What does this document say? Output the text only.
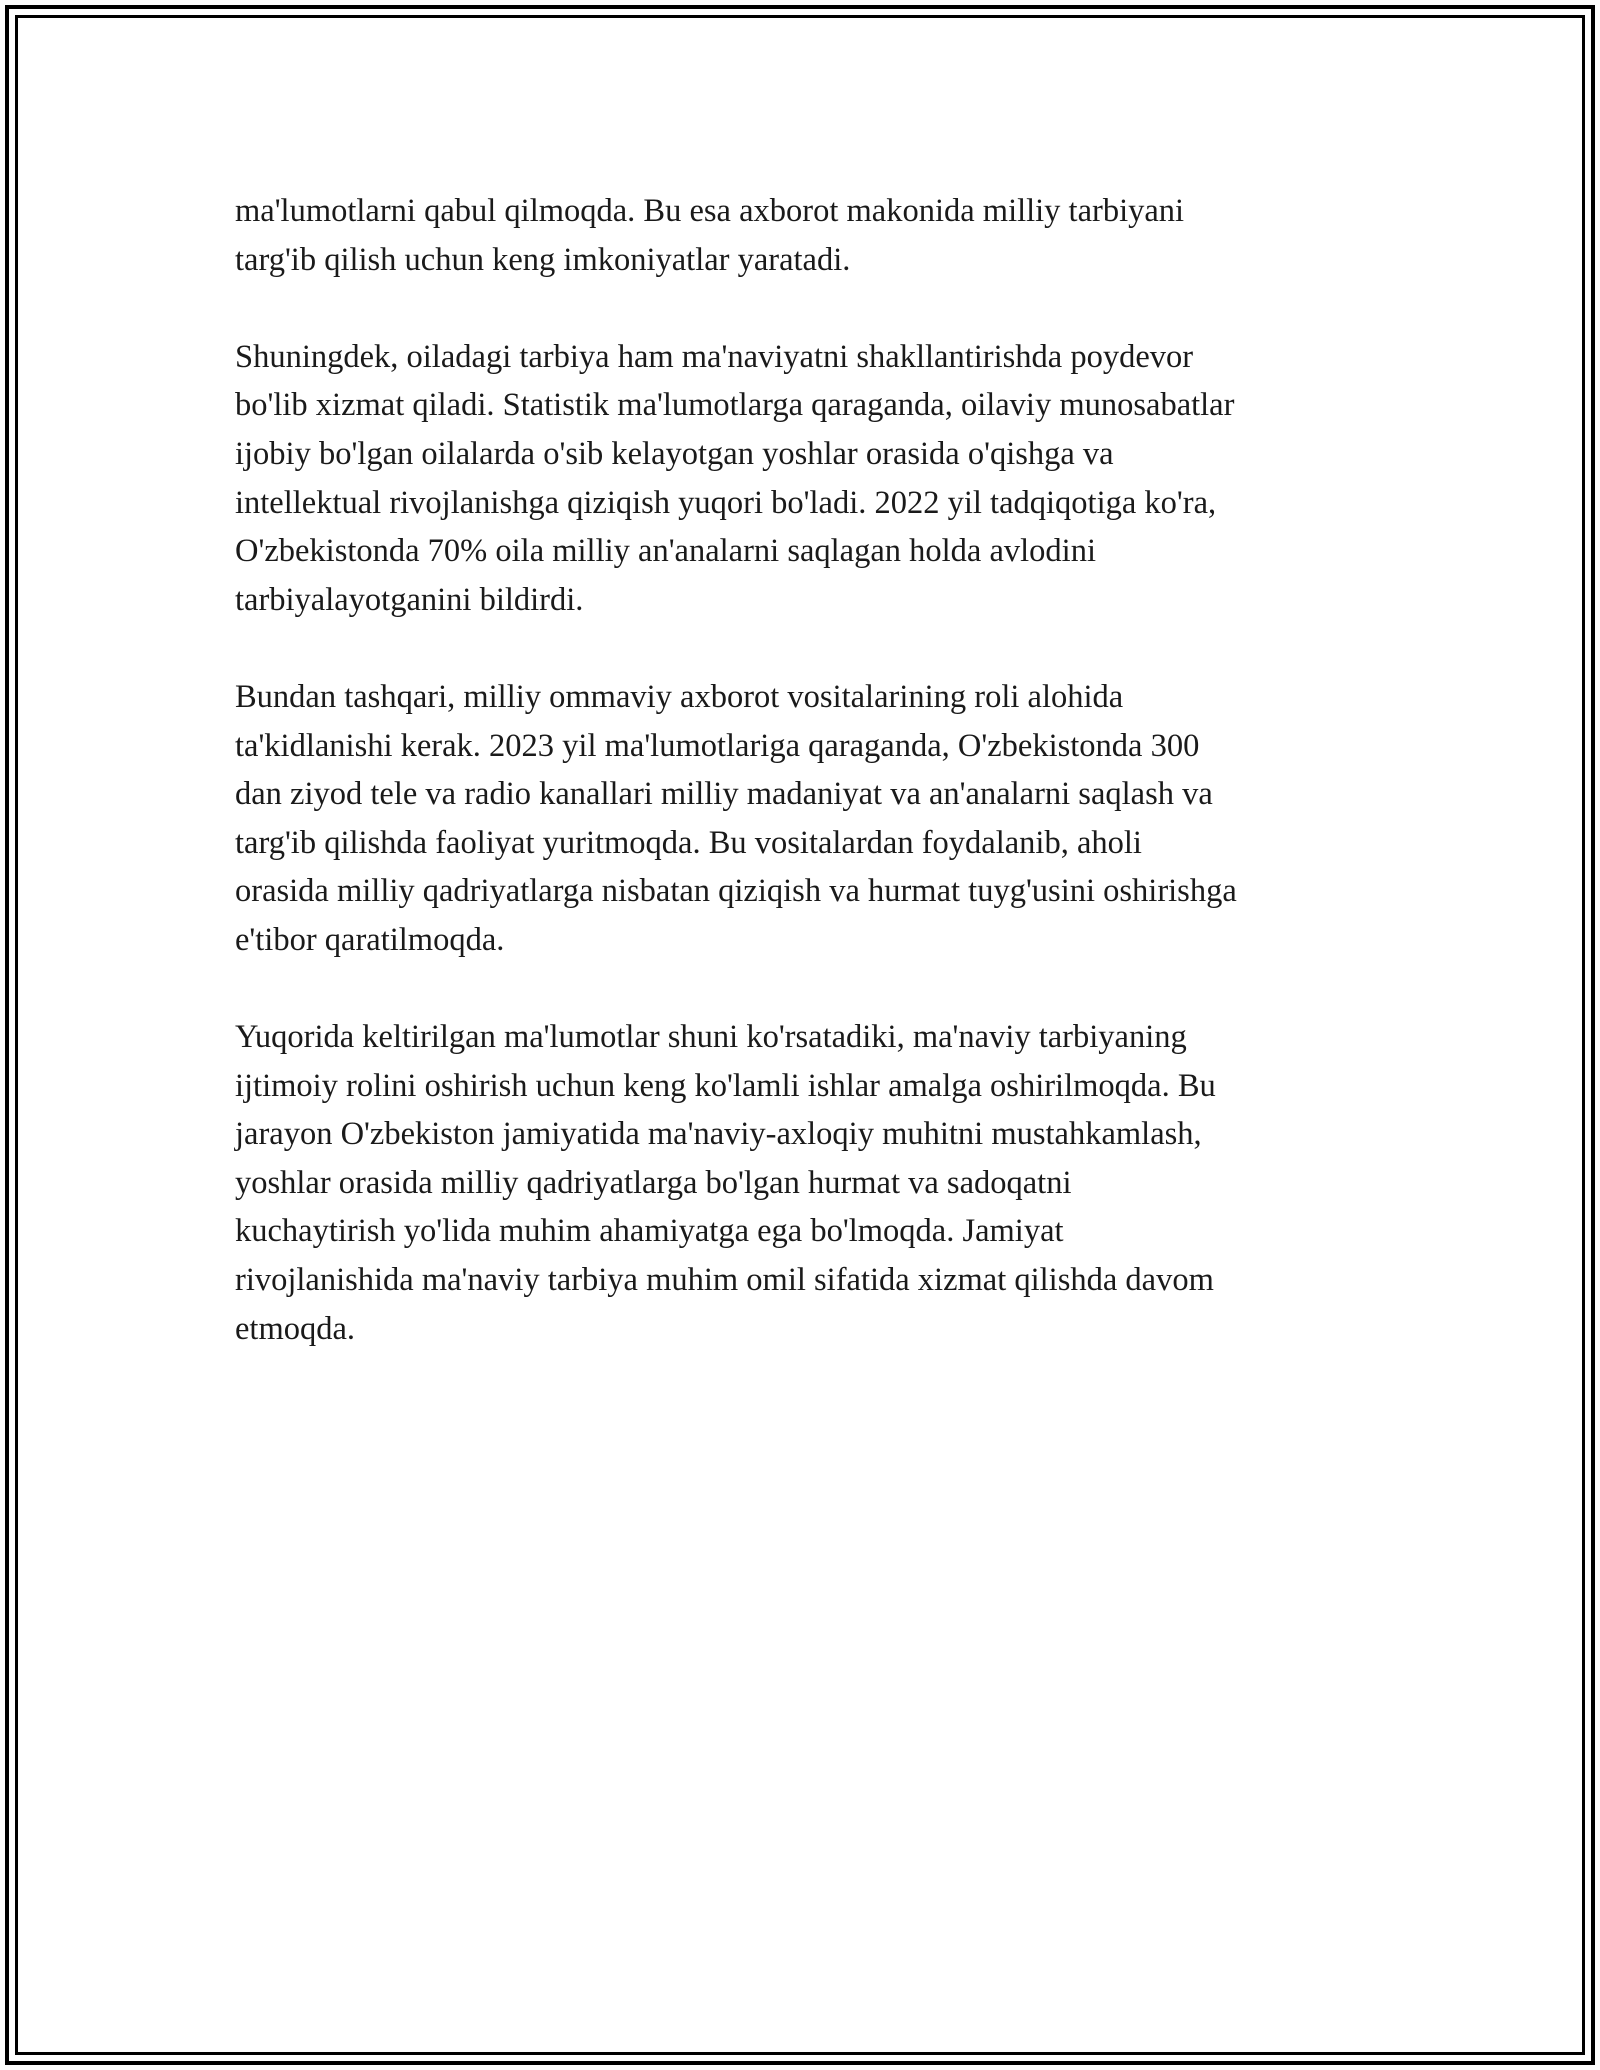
ma'lumotlarni qabul qilmoqda. Bu esa axborot makonida milliy tarbiyani
targ'ib qilish uchun keng imkoniyatlar yaratadi.

Shuningdek, oiladagi tarbiya ham ma'naviyatni shakllantirishda poydevor
bo'lib xizmat qiladi. Statistik ma'lumotlarga qaraganda, oilaviy munosabatlar
ijobiy bo'lgan oilalarda o'sib kelayotgan yoshlar orasida o'qishga va
intellektual rivojlanishga qiziqish yuqori bo'ladi. 2022 yil tadqiqotiga ko'ra,
O'zbekistonda 70% oila milliy an'analarni saqlagan holda avlodini
tarbiyalayotganini bildirdi.

Bundan tashqari, milliy ommaviy axborot vositalarining roli alohida
ta'kidlanishi kerak. 2023 yil ma'lumotlariga qaraganda, O'zbekistonda 300
dan ziyod tele va radio kanallari milliy madaniyat va an'analarni saqlash va
targ'ib qilishda faoliyat yuritmoqda. Bu vositalardan foydalanib, aholi
orasida milliy qadriyatlarga nisbatan qiziqish va hurmat tuyg'usini oshirishga
e'tibor qaratilmoqda.

Yuqorida keltirilgan ma'lumotlar shuni ko'rsatadiki, ma'naviy tarbiyaning
ijtimoiy rolini oshirish uchun keng ko'lamli ishlar amalga oshirilmoqda. Bu
jarayon O'zbekiston jamiyatida ma'naviy-axloqiy muhitni mustahkamlash,
yoshlar orasida milliy qadriyatlarga bo'lgan hurmat va sadoqatni
kuchaytirish yo'lida muhim ahamiyatga ega bo'lmoqda. Jamiyat
rivojlanishida ma'naviy tarbiya muhim omil sifatida xizmat qilishda davom
etmoqda.
